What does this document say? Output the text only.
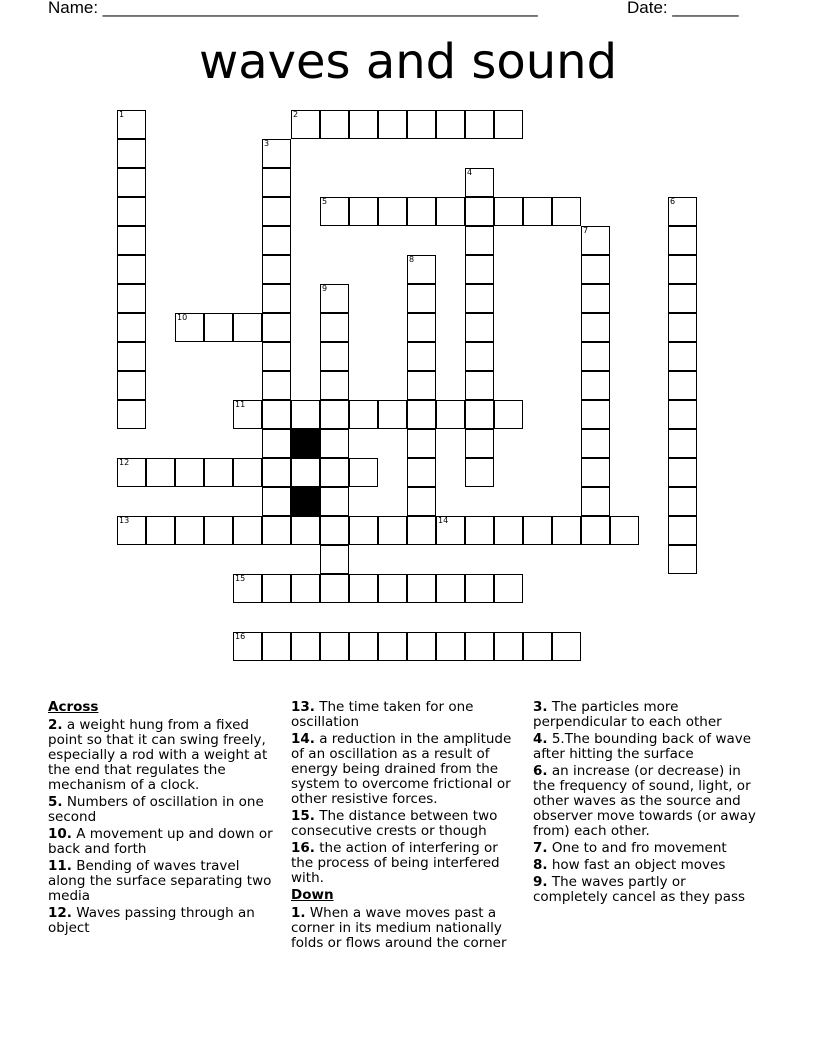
Name: ______________________________________________	Date: _______
waves and sound
1	2
3
4
5	6
7
8
9
10
11
12
13	14
15
16

Across

2. a weight hung from a fixed point so that it can swing freely, especially a rod with a weight at the end that regulates the mechanism of a clock.

5. Numbers of oscillation in one second

10. A movement up and down or back and forth

11. Bending of waves travel along the surface separating two media

12. Waves passing through an object

13. The time taken for one oscillation

14. a reduction in the amplitude of an oscillation as a result of energy being drained from the system to overcome frictional or other resistive forces.

15. The distance between two consecutive crests or though

16. the action of interfering or the process of being interfered with.

Down

1. When a wave moves past a corner in its medium nationally folds or flows around the corner

3. The particles more perpendicular to each other

4. 5.The bounding back of wave after hitting the surface

6. an increase (or decrease) in the frequency of sound, light, or other waves as the source and observer move towards (or away from) each other.

7. One to and fro movement

8. how fast an object moves

9. The waves partly or completely cancel as they pass
